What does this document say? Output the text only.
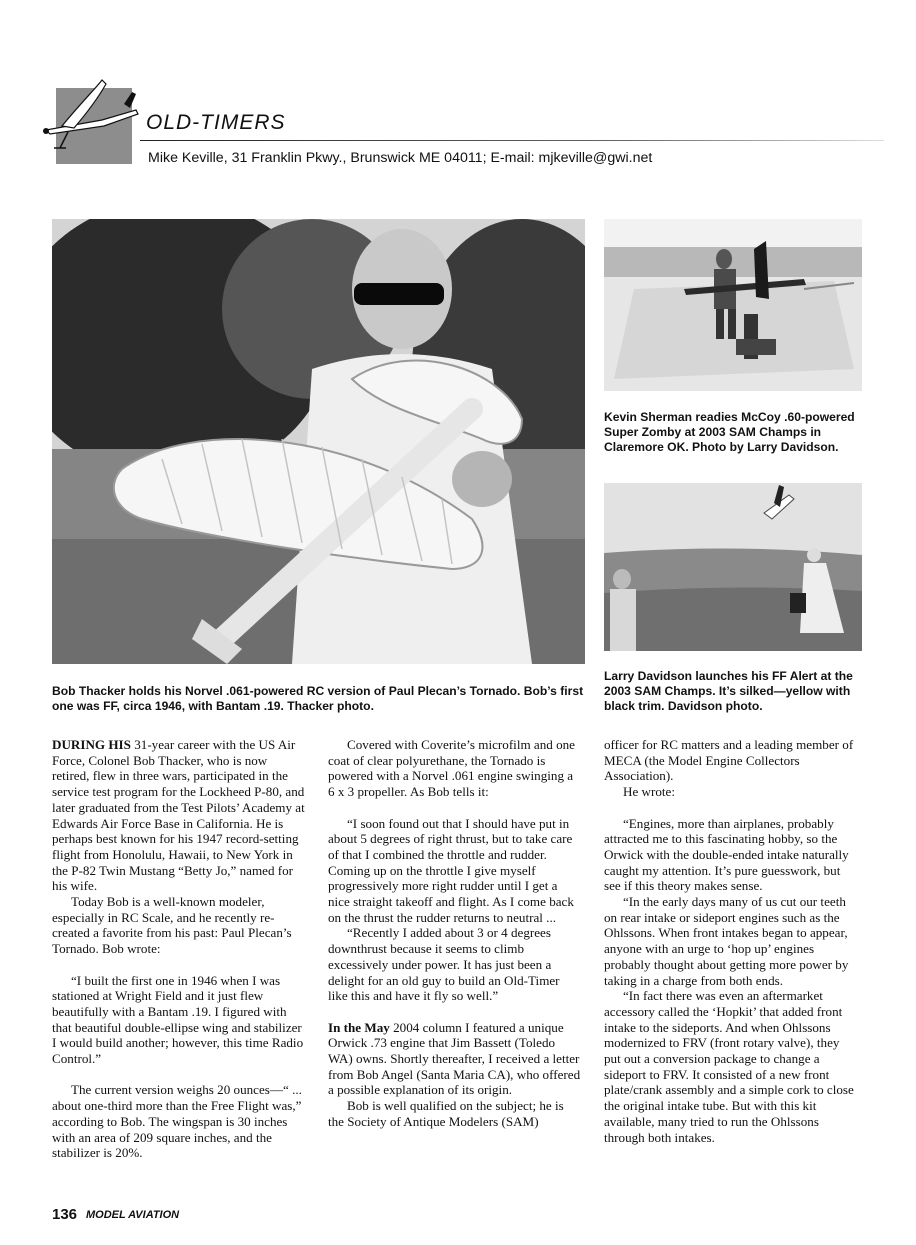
OLD-TIMERS
Mike Keville, 31 Franklin Pkwy., Brunswick ME 04011; E-mail: mjkeville@gwi.net
Kevin Sherman readies McCoy .60-powered Super Zomby at 2003 SAM Champs in Claremore OK. Photo by Larry Davidson.
Larry Davidson launches his FF Alert at the 2003 SAM Champs. It’s silked—yellow with black trim. Davidson photo.
Bob Thacker holds his Norvel .061-powered RC version of Paul Plecan’s Tornado. Bob’s first one was FF, circa 1946, with Bantam .19. Thacker photo.

DURING HIS 31-year career with the US Air Force, Colonel Bob Thacker, who is now retired, flew in three wars, participated in the service test program for the Lockheed P-80, and later graduated from the Test Pilots’ Academy at Edwards Air Force Base in California. He is perhaps best known for his 1947 record-setting flight from Honolulu, Hawaii, to New York in the P-82 Twin Mustang “Betty Jo,” named for his wife.

Today Bob is a well-known modeler, especially in RC Scale, and he recently re-created a favorite from his past: Paul Plecan’s Tornado. Bob wrote:

“I built the first one in 1946 when I was stationed at Wright Field and it just flew beautifully with a Bantam .19. I figured with that beautiful double-ellipse wing and stabilizer I would build another; however, this time Radio Control.”

The current version weighs 20 ounces—“ ... about one-third more than the Free Flight was,” according to Bob. The wingspan is 30 inches with an area of 209 square inches, and the stabilizer is 20%.

Covered with Coverite’s microfilm and one coat of clear polyurethane, the Tornado is powered with a Norvel .061 engine swinging a 6 x 3 propeller. As Bob tells it:

“I soon found out that I should have put in about 5 degrees of right thrust, but to take care of that I combined the throttle and rudder. Coming up on the throttle I give myself progressively more right rudder until I get a nice straight takeoff and flight. As I come back on the thrust the rudder returns to neutral ...

“Recently I added about 3 or 4 degrees downthrust because it seems to climb excessively under power. It has just been a delight for an old guy to build an Old-Timer like this and have it fly so well.”

In the May 2004 column I featured a unique Orwick .73 engine that Jim Bassett (Toledo WA) owns. Shortly thereafter, I received a letter from Bob Angel (Santa Maria CA), who offered a possible explanation of its origin.

Bob is well qualified on the subject; he is the Society of Antique Modelers (SAM)

officer for RC matters and a leading member of MECA (the Model Engine Collectors Association).

He wrote:

“Engines, more than airplanes, probably attracted me to this fascinating hobby, so the Orwick with the double-ended intake naturally caught my attention. It’s pure guesswork, but see if this theory makes sense.

“In the early days many of us cut our teeth on rear intake or sideport engines such as the Ohlssons. When front intakes began to appear, anyone with an urge to ‘hop up’ engines probably thought about getting more power by taking in a charge from both ends.

“In fact there was even an aftermarket accessory called the ‘Hopkit’ that added front intake to the sideports. And when Ohlssons modernized to FRV (front rotary valve), they put out a conversion package to change a sideport to FRV. It consisted of a new front plate/crank assembly and a simple cork to close the original intake tube. But with this kit available, many tried to run the Ohlssons through both intakes.

136 MODEL AVIATION
